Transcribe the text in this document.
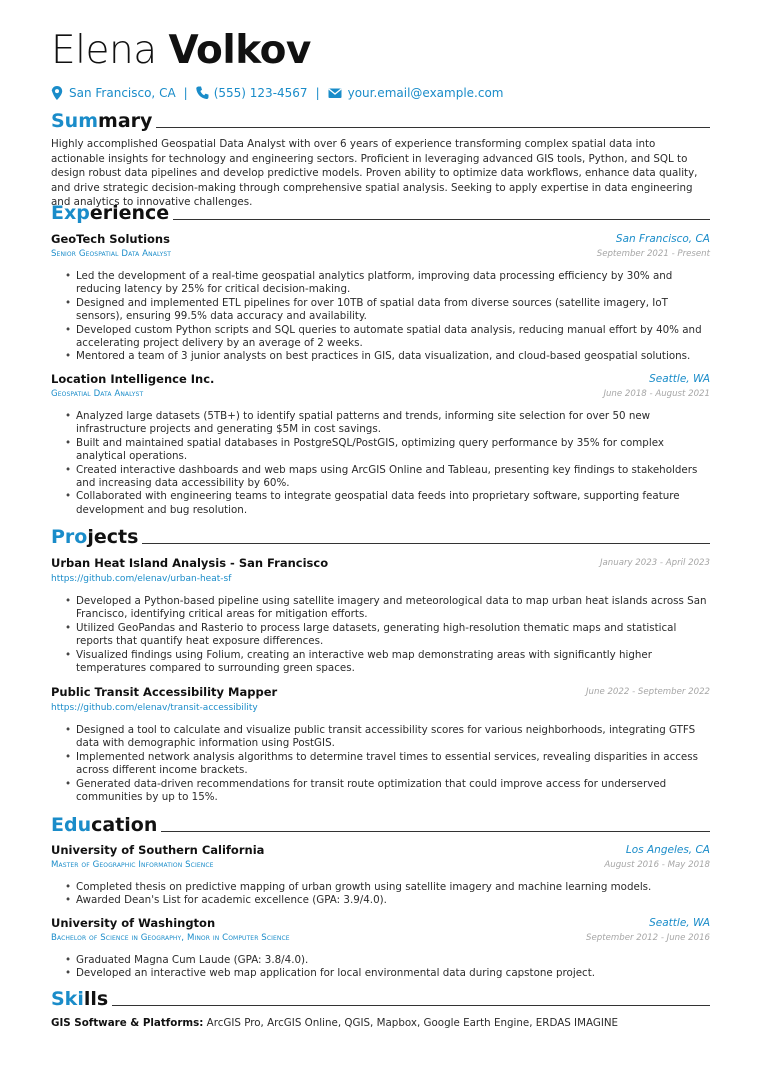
Elena Volkov
San Francisco, CA | (555) 123-4567 | your.email@example.com
Summary
Highly accomplished Geospatial Data Analyst with over 6 years of experience transforming complex spatial data into actionable insights for technology and engineering sectors. Proficient in leveraging advanced GIS tools, Python, and SQL to design robust data pipelines and develop predictive models. Proven ability to optimize data workflows, enhance data quality, and drive strategic decision-making through comprehensive spatial analysis. Seeking to apply expertise in data engineering and analytics to innovative challenges.
Experience
GeoTech Solutions	San Francisco, CA
Senior Geospatial Data Analyst	September 2021 - Present
• Led the development of a real-time geospatial analytics platform, improving data processing efficiency by 30% and reducing latency by 25% for critical decision-making.
• Designed and implemented ETL pipelines for over 10TB of spatial data from diverse sources (satellite imagery, IoT sensors), ensuring 99.5% data accuracy and availability.
• Developed custom Python scripts and SQL queries to automate spatial data analysis, reducing manual effort by 40% and accelerating project delivery by an average of 2 weeks.
• Mentored a team of 3 junior analysts on best practices in GIS, data visualization, and cloud-based geospatial solutions.
Location Intelligence Inc.	Seattle, WA
Geospatial Data Analyst	June 2018 - August 2021
• Analyzed large datasets (5TB+) to identify spatial patterns and trends, informing site selection for over 50 new infrastructure projects and generating $5M in cost savings.
• Built and maintained spatial databases in PostgreSQL/PostGIS, optimizing query performance by 35% for complex analytical operations.
• Created interactive dashboards and web maps using ArcGIS Online and Tableau, presenting key findings to stakeholders and increasing data accessibility by 60%.
• Collaborated with engineering teams to integrate geospatial data feeds into proprietary software, supporting feature development and bug resolution.
Projects
Urban Heat Island Analysis - San Francisco	January 2023 - April 2023
https://github.com/elenav/urban-heat-sf
• Developed a Python-based pipeline using satellite imagery and meteorological data to map urban heat islands across San Francisco, identifying critical areas for mitigation efforts.
• Utilized GeoPandas and Rasterio to process large datasets, generating high-resolution thematic maps and statistical reports that quantify heat exposure differences.
• Visualized findings using Folium, creating an interactive web map demonstrating areas with significantly higher temperatures compared to surrounding green spaces.
Public Transit Accessibility Mapper	June 2022 - September 2022
https://github.com/elenav/transit-accessibility
• Designed a tool to calculate and visualize public transit accessibility scores for various neighborhoods, integrating GTFS data with demographic information using PostGIS.
• Implemented network analysis algorithms to determine travel times to essential services, revealing disparities in access across different income brackets.
• Generated data-driven recommendations for transit route optimization that could improve access for underserved communities by up to 15%.
Education
University of Southern California	Los Angeles, CA
Master of Geographic Information Science	August 2016 - May 2018
• Completed thesis on predictive mapping of urban growth using satellite imagery and machine learning models.
• Awarded Dean's List for academic excellence (GPA: 3.9/4.0).
University of Washington	Seattle, WA
Bachelor of Science in Geography, Minor in Computer Science	September 2012 - June 2016
• Graduated Magna Cum Laude (GPA: 3.8/4.0).
• Developed an interactive web map application for local environmental data during capstone project.
Skills
GIS Software & Platforms: ArcGIS Pro, ArcGIS Online, QGIS, Mapbox, Google Earth Engine, ERDAS IMAGINE
